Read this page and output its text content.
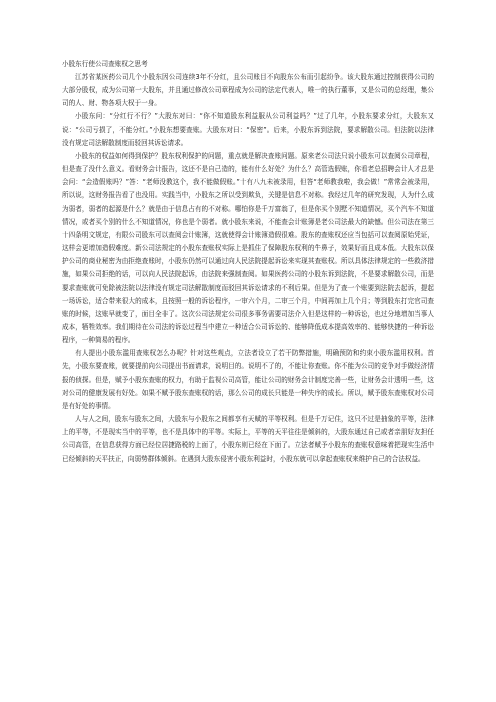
小股东行使公司查账权之思考

江苏省某医药公司几个小股东因公司连续3年不分红，且公司账目不向股东公布而引起纷争。该大股东通过控制获得公司的大部分股权，成为公司第一大股东，并且通过修改公司章程成为公司的法定代表人，唯一的执行董事，又是公司的总经理，集公司的人、财、物各项大权于一身。

小股东问：“分红行不行？”大股东对曰：“你不知道股东利益服从公司利益吗？”过了几年，小股东要求分红，大股东又说：“公司亏损了，不能分红。”小股东想要查账。大股东对曰：“保密”。后来，小股东诉到法院，要求解散公司。但法院以法律没有规定司法解散制度而驳回其诉讼请求。

小股东的权益如何得到保护？股东权利保护的问题，重点就是解决查账问题。原来老公司法只说小股东可以查阅公司章程，但是查了没什么意义。看财务会计报告，这还不是自己造的，能有什么好处？为什么？高管选假账，你看老总招聘会计人才总是会问：“会造假账吗？”答：“老师没教这个，我不能做假账。”十有八九未被录用，但答“老师教我啦，我会做！”常常会被录用，所以说，这财务报告看了也没用。实践当中，小股东之所以受到欺负，关键是信息不对称。我经过几年的研究发现，人为什么成为弱者，弱者的起源是什么？就是由于信息占有的不对称。哪怕你是千万富翁了，但是你买个别墅不知道情况，买个汽车不知道情况，或者买个别的什么不知道情况，你也是个弱者。就小股东来说，不能查会计账簿是老公司法最大的缺憾。但公司法在第三十四条明文规定，有限公司股东可以查阅会计账簿，这就使得会计账簿造假很难。股东的查账权还应当包括可以查阅原始凭证，这样会更增加造假难度。新公司法规定的小股东查账权实际上是抓住了保障股东权利的牛鼻子，效果好而且成本低。大股东以保护公司的商业秘密为由拒绝查账时，小股东仍然可以通过向人民法院提起诉讼来实现其查账权。所以具体法律规定的一些救济措施，如果公司拒绝的话，可以向人民法院起诉，由法院来强制查阅。如果医药公司的小股东诉到法院，不是要求解散公司，而是要求查账就可免除被法院以法律没有规定司法解散制度而驳回其诉讼请求的不利后果。但是为了查一个账要到法院去起诉，提起一场诉讼，适合带来很大的成本，且按照一般的诉讼程序，一审六个月，二审三个月，中间再加上几个月；等到股东打完官司查账的时候，这账早就变了，面目全非了。这次公司法规定公司很多事务需要司法介入但是这样的一种诉讼，也过分地增加当事人成本，牺牲效率。我们期待在公司法的诉讼过程当中建立一种适合公司诉讼的、能够降低成本提高效率的、能够快捷的一种诉讼程序，一种简易的程序。

有人提出小股东滥用查账权怎么办呢？针对这些观点，立法者设立了若干防弊措施，明确预防和约束小股东滥用权利。首先，小股东要查账，就要提前向公司提出书面请求，说明目的。说明不了的，不能让你查账。你不能为公司的竞争对手做经济情报的侦探。但是，赋予小股东查账的权力，有助于监视公司高管，能让公司的财务会计制度完善一些，让财务会计透明一些，这对公司的健康发展有好处。如果不赋予股东查账权的话，那么公司的成长只能是一种失序的成长。所以，赋予股东查账权对公司是有好处的事情。

人与人之间，股东与股东之间，大股东与小股东之间都享有天赋的平等权利。但是千万记住，这只不过是抽象的平等，法律上的平等，不是现实当中的平等，也不是具体中的平等。实际上，平等的天平往往是倾斜的，大股东通过自己或者亲朋好友担任公司高管，在信息获得方面已经位居捷路税的上面了，小股东则已经在下面了。立法者赋予小股东的查账权意味着把现实生活中已经倾斜的天平扶正，向弱势群体倾斜。在遇到大股东侵害小股东利益时，小股东就可以拿起查账权来维护自己的合法权益。
